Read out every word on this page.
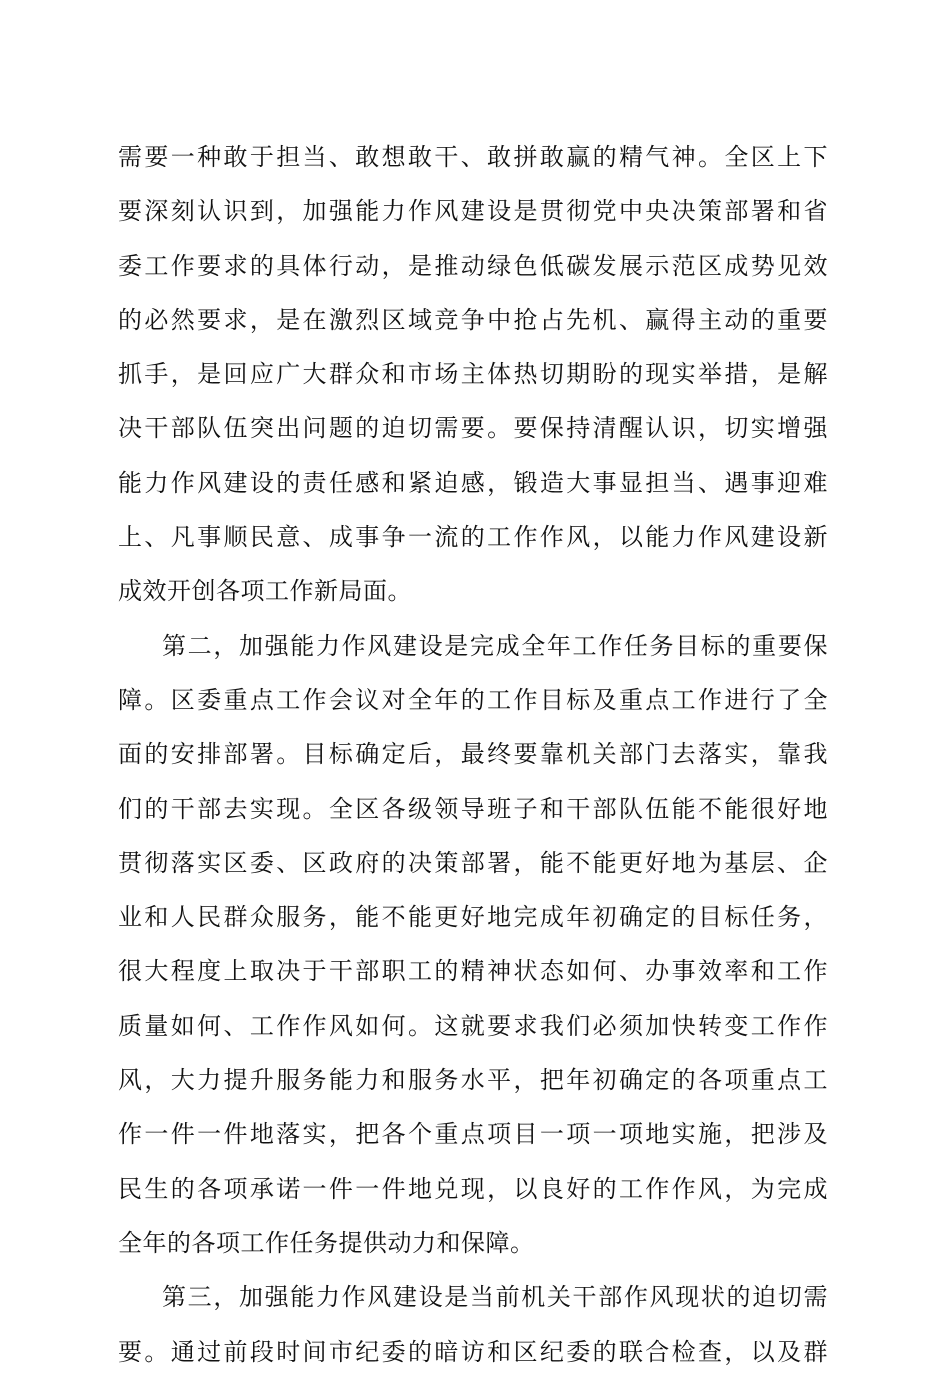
需要一种敢于担当、敢想敢干、敢拼敢赢的精气神。全区上下
要深刻认识到，加强能力作风建设是贯彻党中央决策部署和省
委工作要求的具体行动，是推动绿色低碳发展示范区成势见效
的必然要求，是在激烈区域竞争中抢占先机、赢得主动的重要
抓手，是回应广大群众和市场主体热切期盼的现实举措，是解
决干部队伍突出问题的迫切需要。要保持清醒认识，切实增强
能力作风建设的责任感和紧迫感，锻造大事显担当、遇事迎难
上、凡事顺民意、成事争一流的工作作风，以能力作风建设新
成效开创各项工作新局面。
第二，加强能力作风建设是完成全年工作任务目标的重要保
障。区委重点工作会议对全年的工作目标及重点工作进行了全
面的安排部署。目标确定后，最终要靠机关部门去落实，靠我
们的干部去实现。全区各级领导班子和干部队伍能不能很好地
贯彻落实区委、区政府的决策部署，能不能更好地为基层、企
业和人民群众服务，能不能更好地完成年初确定的目标任务，
很大程度上取决于干部职工的精神状态如何、办事效率和工作
质量如何、工作作风如何。这就要求我们必须加快转变工作作
风，大力提升服务能力和服务水平，把年初确定的各项重点工
作一件一件地落实，把各个重点项目一项一项地实施，把涉及
民生的各项承诺一件一件地兑现，以良好的工作作风，为完成
全年的各项工作任务提供动力和保障。
第三，加强能力作风建设是当前机关干部作风现状的迫切需
要。通过前段时间市纪委的暗访和区纪委的联合检查，以及群
